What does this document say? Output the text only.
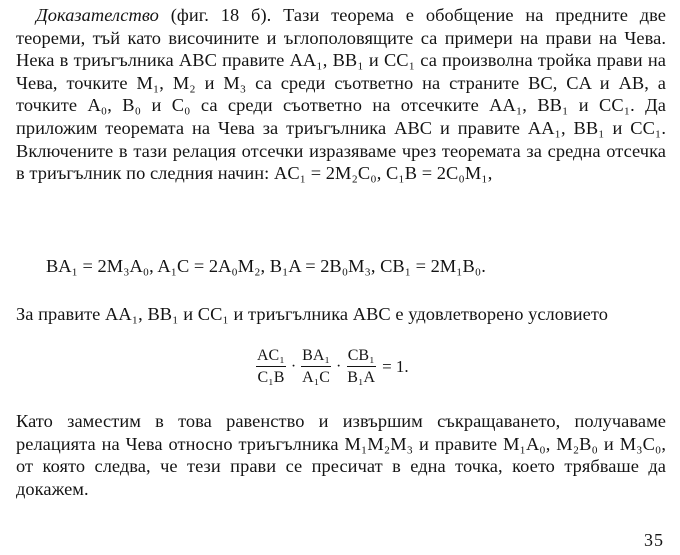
Доказателство (фиг. 18 б). Тази теорема е обобщение на предните две теореми, тъй като височините и ъглополовящите са примери на прави на Чева. Нека в триъгълника ABC правите AA₁, BB₁ и CC₁ са произволна тройка прави на Чева, точките M₁, M₂ и M₃ са среди съответно на страните BC, CA и AB, а точките A₀, B₀ и C₀ са среди съответно на отсечките AA₁, BB₁ и CC₁. Да приложим теоремата на Чева за триъгълника ABC и правите AA₁, BB₁ и CC₁. Включените в тази релация отсечки изразяваме чрез теоремата за средна отсечка в триъгълник по следния начин: AC₁ = 2M₂C₀, C₁B = 2C₀M₁,
BA₁ = 2M₃A₀, A₁C = 2A₀M₂, B₁A = 2B₀M₃, CB₁ = 2M₁B₀.
За правите AA₁, BB₁ и CC₁ и триъгълника ABC е удовлетворено условието
$\frac{\text{AC₁}}{\text{C₁B}} \cdot \frac{\text{BA₁}}{\text{A₁C}} \cdot \frac{\text{CB₁}}{\text{B₁A}} = 1$.
Като заместим в това равенство и извършим съкращаването, получаваме релацията на Чева относно триъгълника M₁M₂M₃ и правите M₁A₀, M₂B₀ и M₃C₀, от която следва, че тези прави се пресичат в една точка, което трябваше да докажем.
35
